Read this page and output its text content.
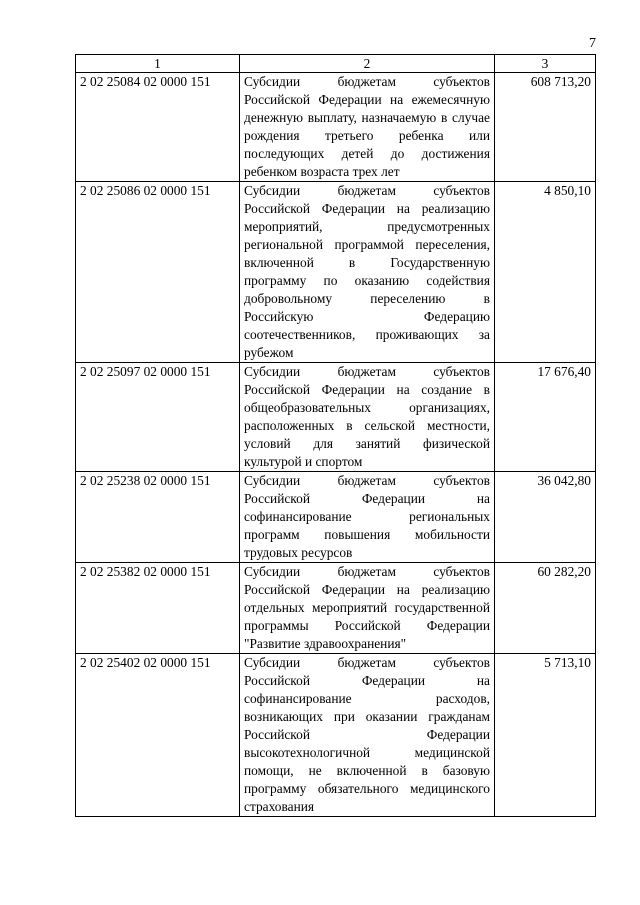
7
1	2	3
2 02 25084 02 0000 151	Субсидии бюджетам субъектов Российской Федерации на ежемесячную денежную выплату, назначаемую в случае рождения третьего ребенка или последующих детей до достижения ребенком возраста трех лет	608 713,20
2 02 25086 02 0000 151	Субсидии бюджетам субъектов Российской Федерации на реализацию мероприятий, предусмотренных региональной программой переселения, включенной в Государственную программу по оказанию содействия добровольному переселению в Российскую Федерацию соотечественников, проживающих за рубежом	4 850,10
2 02 25097 02 0000 151	Субсидии бюджетам субъектов Российской Федерации на создание в общеобразовательных организациях, расположенных в сельской местности, условий для занятий физической культурой и спортом	17 676,40
2 02 25238 02 0000 151	Субсидии бюджетам субъектов Российской Федерации на софинансирование региональных программ повышения мобильности трудовых ресурсов	36 042,80
2 02 25382 02 0000 151	Субсидии бюджетам субъектов Российской Федерации на реализацию отдельных мероприятий государственной программы Российской Федерации "Развитие здравоохранения"	60 282,20
2 02 25402 02 0000 151	Субсидии бюджетам субъектов Российской Федерации на софинансирование расходов, возникающих при оказании гражданам Российской Федерации высокотехнологичной медицинской помощи, не включенной в базовую программу обязательного медицинского страхования	5 713,10
